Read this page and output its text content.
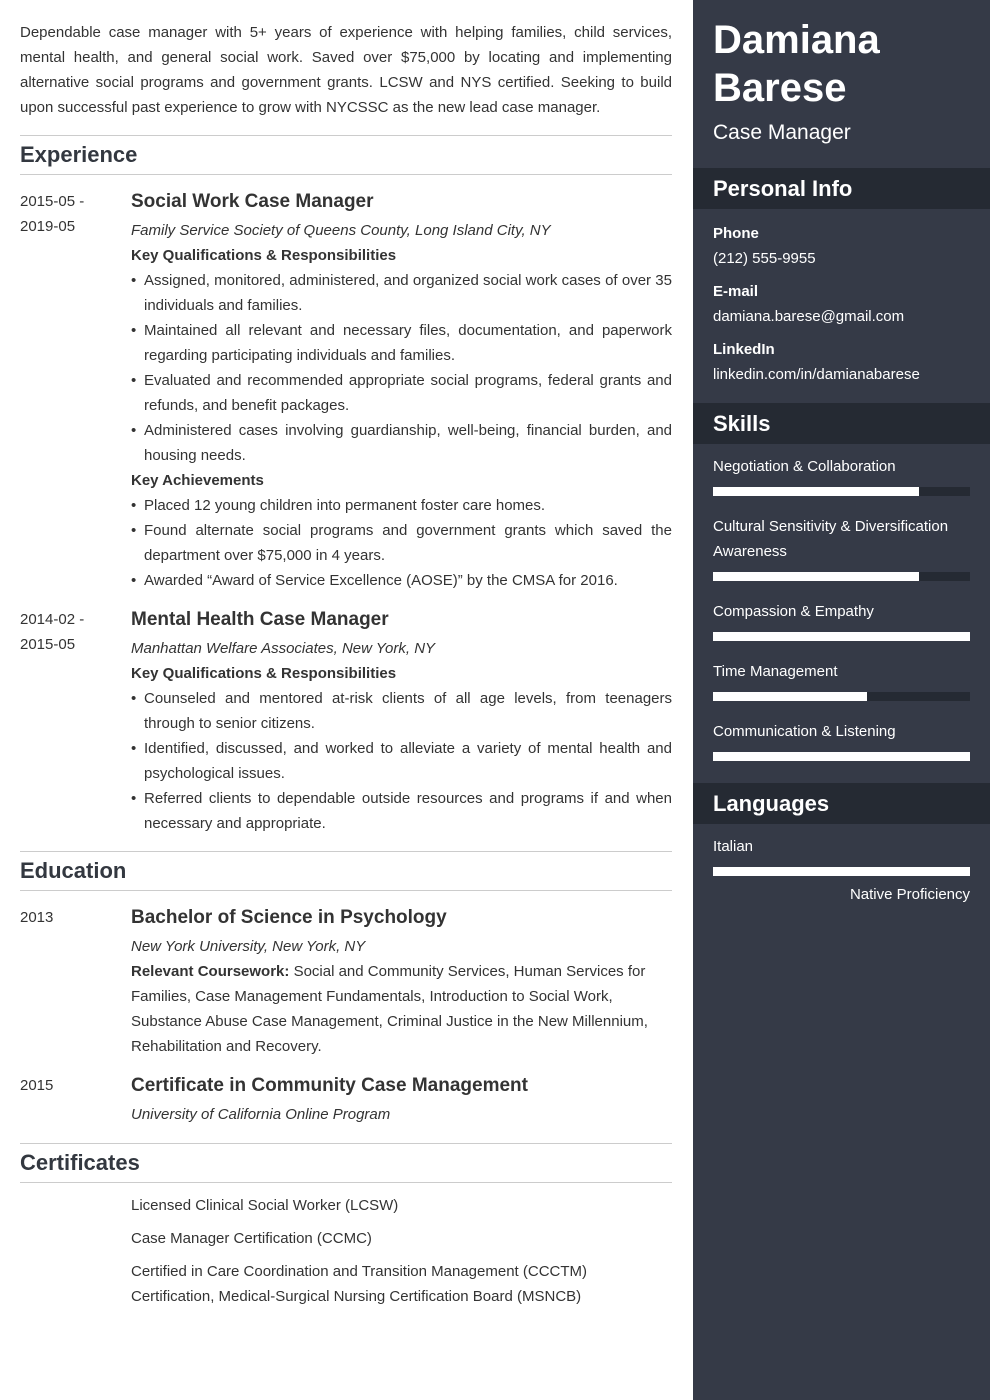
Dependable case manager with 5+ years of experience with helping families, child services, mental health, and general social work. Saved over $75,000 by locating and implementing alternative social programs and government grants. LCSW and NYS certified. Seeking to build upon successful past experience to grow with NYCSSC as the new lead case manager.

Experience
2015-05 -
2019-05
Social Work Case Manager
Family Service Society of Queens County, Long Island City, NY
Key Qualifications & Responsibilities
• Assigned, monitored, administered, and organized social work cases of over 35 individuals and families.
• Maintained all relevant and necessary files, documentation, and paperwork regarding participating individuals and families.
• Evaluated and recommended appropriate social programs, federal grants and refunds, and benefit packages.
• Administered cases involving guardianship, well-being, financial burden, and housing needs.
Key Achievements
• Placed 12 young children into permanent foster care homes.
• Found alternate social programs and government grants which saved the department over $75,000 in 4 years.
• Awarded “Award of Service Excellence (AOSE)” by the CMSA for 2016.
2014-02 -
2015-05
Mental Health Case Manager
Manhattan Welfare Associates, New York, NY
Key Qualifications & Responsibilities
• Counseled and mentored at-risk clients of all age levels, from teenagers through to senior citizens.
• Identified, discussed, and worked to alleviate a variety of mental health and psychological issues.
• Referred clients to dependable outside resources and programs if and when necessary and appropriate.
Education
2013	Bachelor of Science in Psychology
New York University, New York, NY
Relevant Coursework: Social and Community Services, Human Services for Families, Case Management Fundamentals, Introduction to Social Work, Substance Abuse Case Management, Criminal Justice in the New Millennium, Rehabilitation and Recovery.
2015	Certificate in Community Case Management
University of California Online Program
Certificates
Licensed Clinical Social Worker (LCSW)
Case Manager Certification (CCMC)
Certified in Care Coordination and Transition Management (CCCTM)
Certification, Medical-Surgical Nursing Certification Board (MSNCB)
Damiana
Barese
Case Manager
Personal Info
Phone
(212) 555-9955
E-mail
damiana.barese@gmail.com
LinkedIn
linkedin.com/in/damianabarese
Skills
Negotiation & Collaboration
Cultural Sensitivity & Diversification Awareness
Compassion & Empathy
Time Management
Communication & Listening
Languages
Italian
Native Proficiency
